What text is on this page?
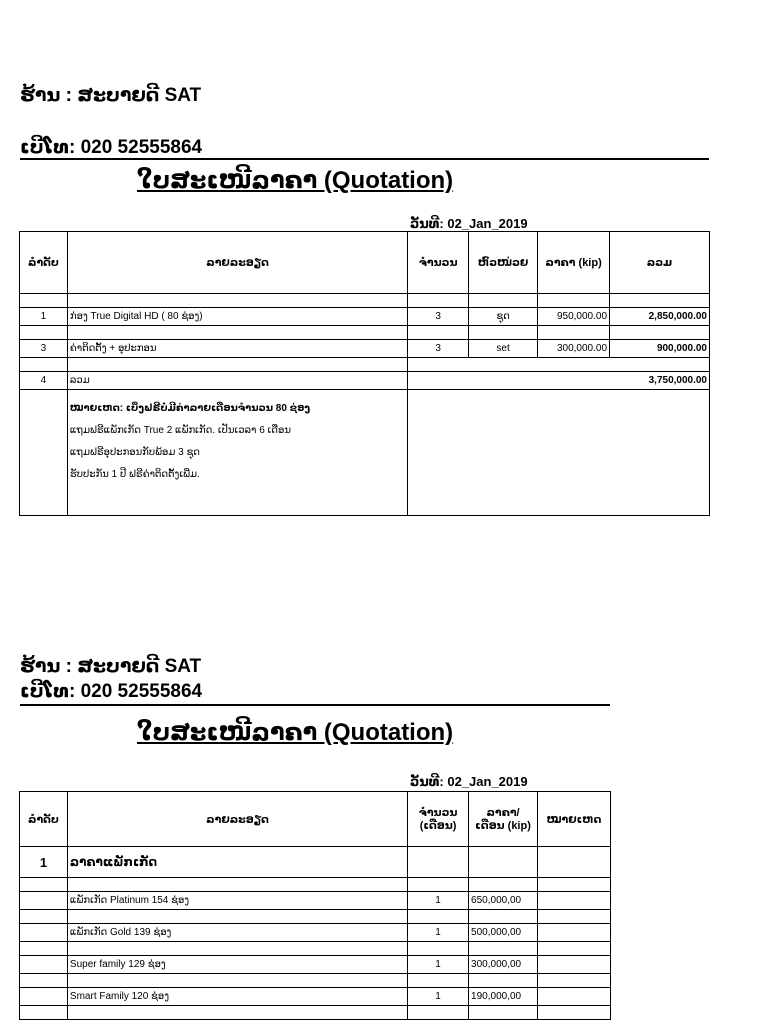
ຮ້ານ : ສະບາຍດີ SAT
ເບີໂທ: 020 52555864
ໃບສະເໜີລາຄາ (Quotation)
ວັນທີ: 02_Jan_2019
ລໍາດັບ	ລາຍລະອຽດ	ຈໍານວນ	ຫົວໜ່ວຍ	ລາຄາ (kip)	ລວມ

1	ກ່ອງ True Digital HD ( 80 ຊ່ອງ)	3	ຊຸດ	950,000.00	2,850,000.00

3	ຄ່າຕິດຕັ້ງ + ອຸປະກອນ	3	set	300,000.00	900,000.00

4	ລວມ	3,750,000.00			

	ໝາຍເຫດ: ເບິ່ງຟຣີບໍ່ມີຄ່າລາຍເດືອນຈໍານວນ 80 ຊ່ອງ
ແຖມຟຣີແພັກເກັດ True 2 ແພັກເກັດ. ເປັນເວລາ 6 ເດືອນ
ແຖມຟຣີອຸປະກອນກັບພ້ອມ 3 ຊຸດ
ຮັບປະກັນ 1 ປີ ຟຣີຄ່າຕິດຕັ້ງເພີ່ມ.				

ຮ້ານ : ສະບາຍດີ SAT
ເບີໂທ: 020 52555864
ໃບສະເໜີລາຄາ (Quotation)
ວັນທີ: 02_Jan_2019
ລໍາດັບ	ລາຍລະອຽດ	ຈໍານວນ (ເດືອນ)	ລາຄາ/ ເດືອນ (kip)	ໝາຍເຫດ
1	ລາຄາແພັກເກັດ			

	ແພັກເກັດ Platinum 154 ຊ່ອງ	1	650,000,00	

	ແພັກເກັດ Gold 139 ຊ່ອງ	1	500,000,00	

	Super family 129 ຊ່ອງ	1	300,000,00	

	Smart Family 120 ຊ່ອງ	1	190,000,00	
